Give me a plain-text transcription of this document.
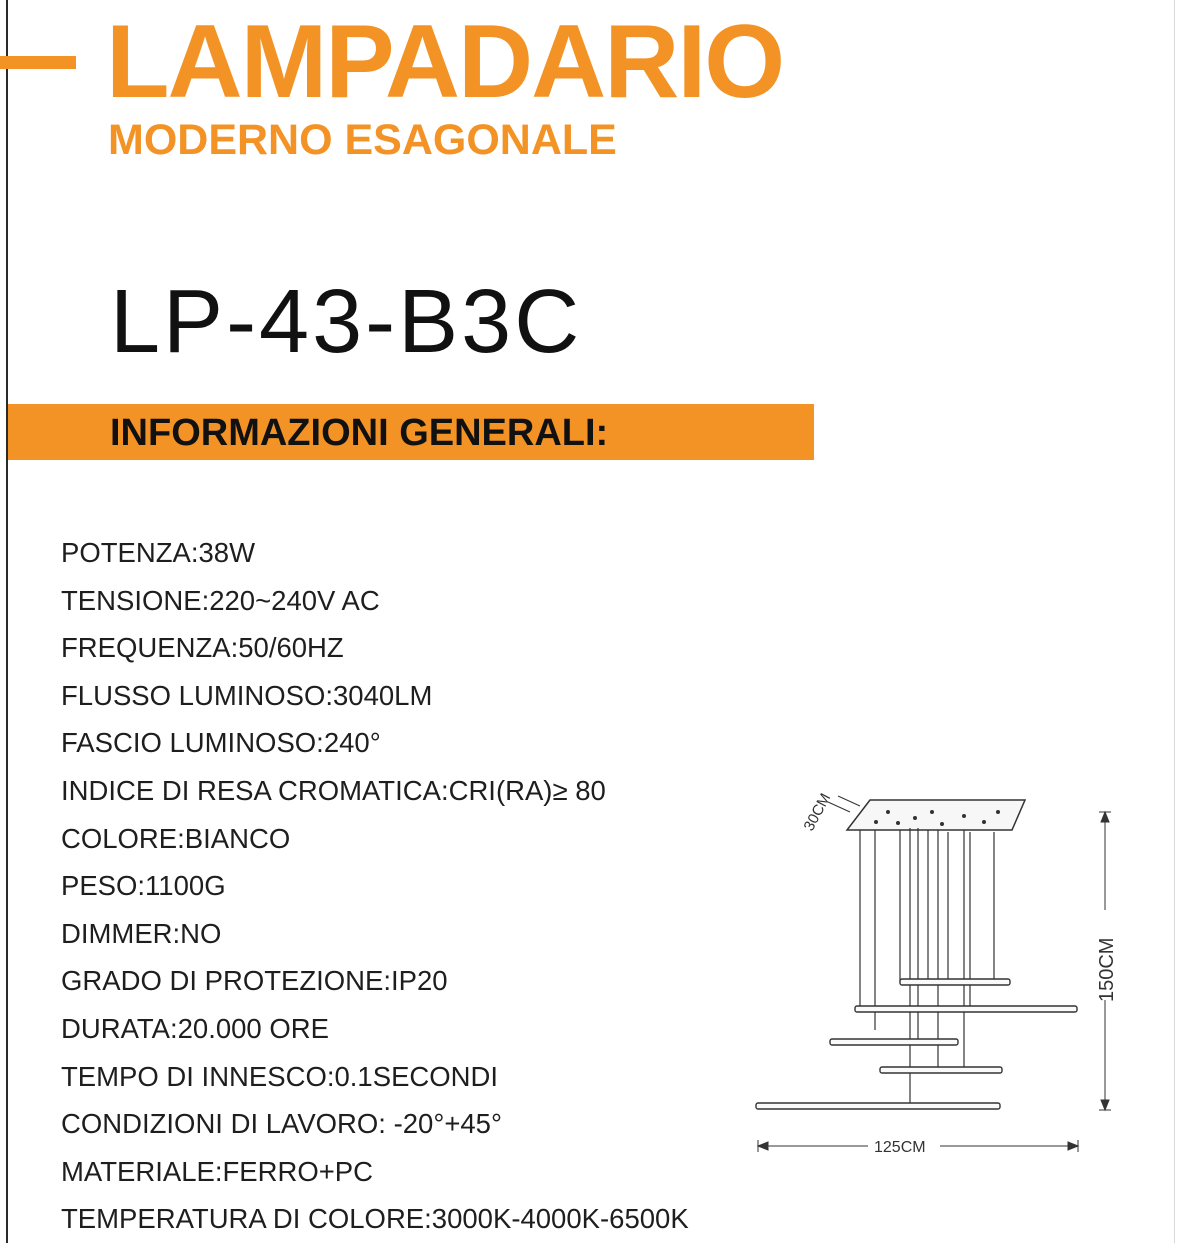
LAMPADARIO
MODERNO ESAGONALE
LP-43-B3C
INFORMAZIONI GENERALI:
POTENZA:38W
TENSIONE:220~240V AC
FREQUENZA:50/60HZ
FLUSSO LUMINOSO:3040LM
FASCIO LUMINOSO:240°
INDICE DI RESA CROMATICA:CRI(RA)≥ 80
COLORE:BIANCO
PESO:1100G
DIMMER:NO
GRADO DI PROTEZIONE:IP20
DURATA:20.000 ORE
TEMPO DI INNESCO:0.1SECONDI
CONDIZIONI DI LAVORO: -20°+45°
MATERIALE:FERRO+PC
TEMPERATURA DI COLORE:3000K-4000K-6500K
30CM
150CM
125CM
